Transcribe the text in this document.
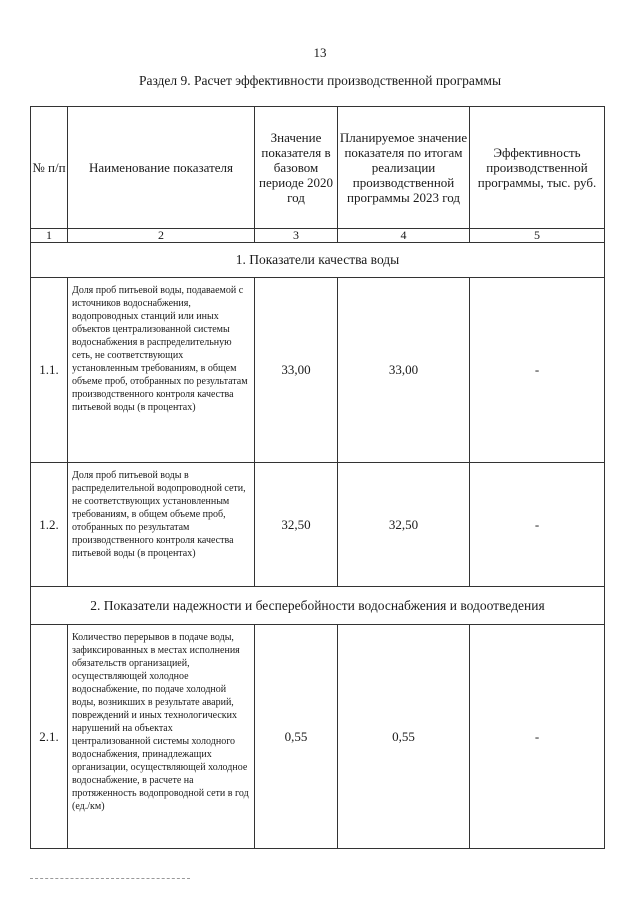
13
Раздел 9. Расчет эффективности производственной программы
№ п/п	Наименование показателя	Значение показателя в базовом периоде 2020 год	Планируемое значение показателя по итогам реализации производственной программы 2023 год	Эффективность производственной программы, тыс. руб.
1	2	3	4	5
1. Показатели качества воды				
1.1.	Доля проб питьевой воды, подаваемой с источников водоснабжения, водопроводных станций или иных объектов централизованной системы водоснабжения в распределительную сеть, не соответствующих установленным требованиям, в общем объеме проб, отобранных по результатам производственного контроля качества питьевой воды (в процентах)	33,00	33,00	-
1.2.	Доля проб питьевой воды в распределительной водопроводной сети, не соответствующих установленным требованиям, в общем объеме проб, отобранных по результатам производственного контроля качества питьевой воды (в процентах)	32,50	32,50	-
2. Показатели надежности и бесперебойности водоснабжения и водоотведения				
2.1.	Количество перерывов в подаче воды, зафиксированных в местах исполнения обязательств организацией, осуществляющей холодное водоснабжение, по подаче холодной воды, возникших в результате аварий, повреждений и иных технологических нарушений на объектах централизованной системы холодного водоснабжения, принадлежащих организации, осуществляющей холодное водоснабжение, в расчете на протяженность водопроводной сети в год (ед./км)	0,55	0,55	-
